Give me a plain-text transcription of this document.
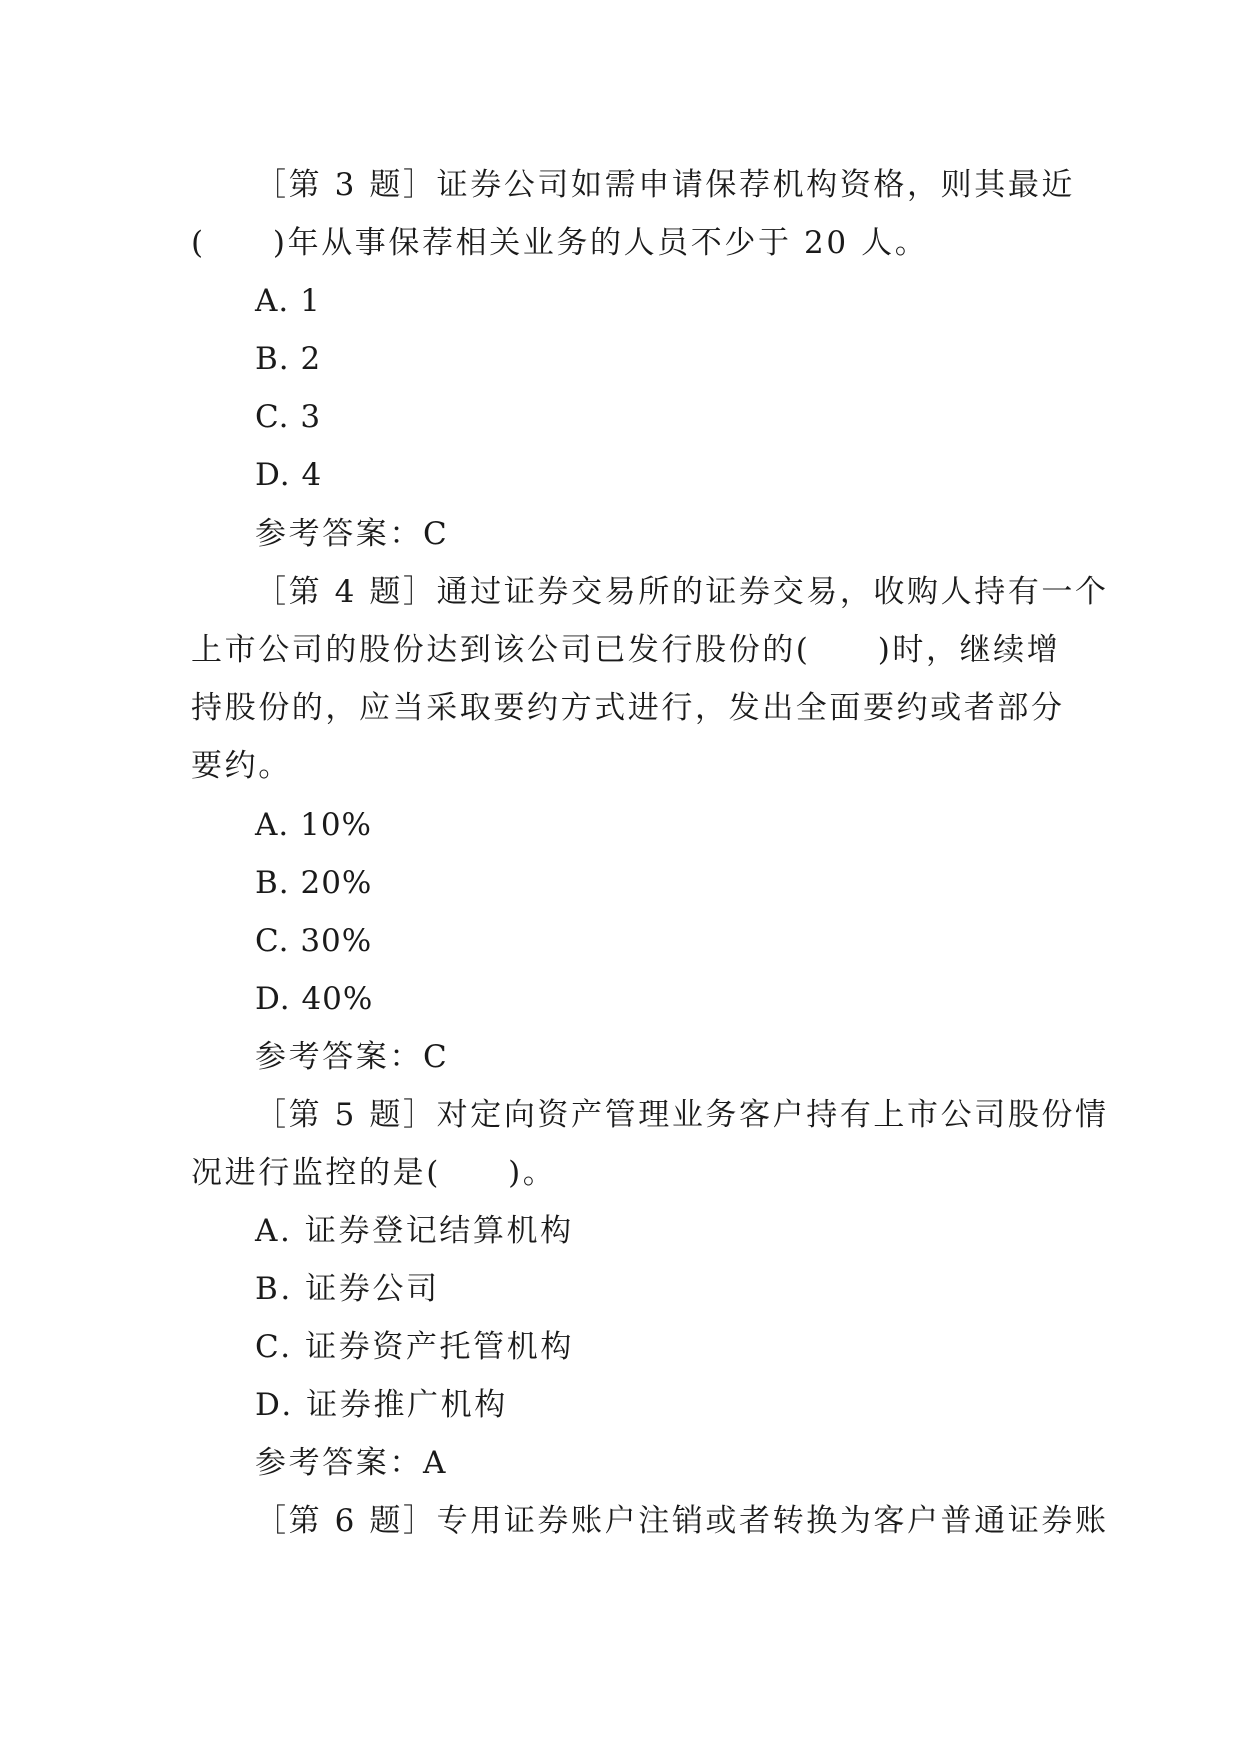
［第 3 题］证券公司如需申请保荐机构资格，则其最近
(　　)年从事保荐相关业务的人员不少于 20 人。
A. 1
B. 2
C. 3
D. 4
参考答案：C
［第 4 题］通过证券交易所的证券交易，收购人持有一个
上市公司的股份达到该公司已发行股份的(　　)时，继续增
持股份的，应当采取要约方式进行，发出全面要约或者部分
要约。
A. 10%
B. 20%
C. 30%
D. 40%
参考答案：C
［第 5 题］对定向资产管理业务客户持有上市公司股份情
况进行监控的是(　　)。
A. 证券登记结算机构
B. 证券公司
C. 证券资产托管机构
D. 证券推广机构
参考答案：A
［第 6 题］专用证券账户注销或者转换为客户普通证券账
